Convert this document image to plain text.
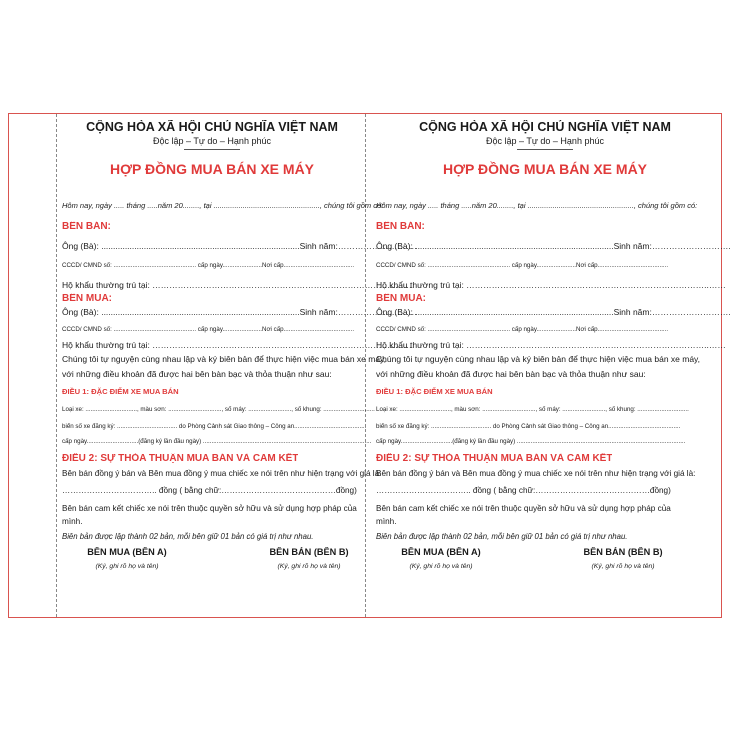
CỘNG HÒA XÃ HỘI CHỦ NGHĨA VIỆT NAM
Độc lập – Tự do – Hạnh phúc
HỢP ĐỒNG MUA BÁN XE MÁY
Hôm nay, ngày ..... tháng .....năm 20........, tại ..................................................., chúng tôi gồm có:
BÊN BÁN:
Ông (Bà): ....................................................................................Sinh năm:……………………….
CCCD/ CMND số: ................................................ cấp ngày.......................Nơi cấp.........................................
Hộ khẩu thường trú tại: …………………………………………………………………………..……
BÊN MUA:
Ông (Bà): ....................................................................................Sinh năm:……………………….
CCCD/ CMND số: ................................................ cấp ngày.......................Nơi cấp.........................................
Hộ khẩu thường trú tại: …………………………………………………………………………..……
Chúng tôi tự nguyện cùng nhau lập và ký biên bản để thực hiện việc mua bán xe máy,
với những điều khoản đã được hai bên bàn bạc và thỏa thuận như sau:
ĐIỀU 1: ĐẶC ĐIỂM XE MUA BÁN
Loại xe: .............................., màu sơn: ..............................., số máy: ........................., số khung: ..............................
biển số xe đăng ký: ................................... do Phòng Cảnh sát Giao thông – Công an..........................................
cấp ngày..............................(đăng ký lần đầu ngày) ..................................................................................................
ĐIỀU 2: SỰ THỎA THUẬN MUA BÁN VÀ CAM KẾT
Bên bán đồng ý bán và Bên mua đồng ý mua chiếc xe nói trên như hiện trạng với giá là:
…………………………….. đồng ( bằng chữ:……………………………………đồng)
Bên bán cam kết chiếc xe nói trên thuộc quyền sở hữu và sử dụng hợp pháp của
mình.
Biên bản được lập thành 02 bản, mỗi bên giữ 01 bản có giá trị như nhau.
BÊN MUA (BÊN A)	BÊN BÁN (BÊN B)
(Ký, ghi rõ họ và tên)	(Ký, ghi rõ họ và tên)
CỘNG HÒA XÃ HỘI CHỦ NGHĨA VIỆT NAM
Độc lập – Tự do – Hạnh phúc
HỢP ĐỒNG MUA BÁN XE MÁY
Hôm nay, ngày ..... tháng .....năm 20........, tại ..................................................., chúng tôi gồm có:
BÊN BÁN:
Ông (Bà): ....................................................................................Sinh năm:……………………….
CCCD/ CMND số: ................................................ cấp ngày.......................Nơi cấp.........................................
Hộ khẩu thường trú tại: …………………………………………………………………………..……
BÊN MUA:
Ông (Bà): ....................................................................................Sinh năm:……………………….
CCCD/ CMND số: ................................................ cấp ngày.......................Nơi cấp.........................................
Hộ khẩu thường trú tại: …………………………………………………………………………..……
Chúng tôi tự nguyện cùng nhau lập và ký biên bản để thực hiện việc mua bán xe máy,
với những điều khoản đã được hai bên bàn bạc và thỏa thuận như sau:
ĐIỀU 1: ĐẶC ĐIỂM XE MUA BÁN
Loại xe: .............................., màu sơn: ..............................., số máy: ........................., số khung: ..............................
biển số xe đăng ký: ................................... do Phòng Cảnh sát Giao thông – Công an..........................................
cấp ngày..............................(đăng ký lần đầu ngày) ..................................................................................................
ĐIỀU 2: SỰ THỎA THUẬN MUA BÁN VÀ CAM KẾT
Bên bán đồng ý bán và Bên mua đồng ý mua chiếc xe nói trên như hiện trạng với giá là:
…………………………….. đồng ( bằng chữ:……………………………………đồng)
Bên bán cam kết chiếc xe nói trên thuộc quyền sở hữu và sử dụng hợp pháp của
mình.
Biên bản được lập thành 02 bản, mỗi bên giữ 01 bản có giá trị như nhau.
BÊN MUA (BÊN A)	BÊN BÁN (BÊN B)
(Ký, ghi rõ họ và tên)	(Ký, ghi rõ họ và tên)
